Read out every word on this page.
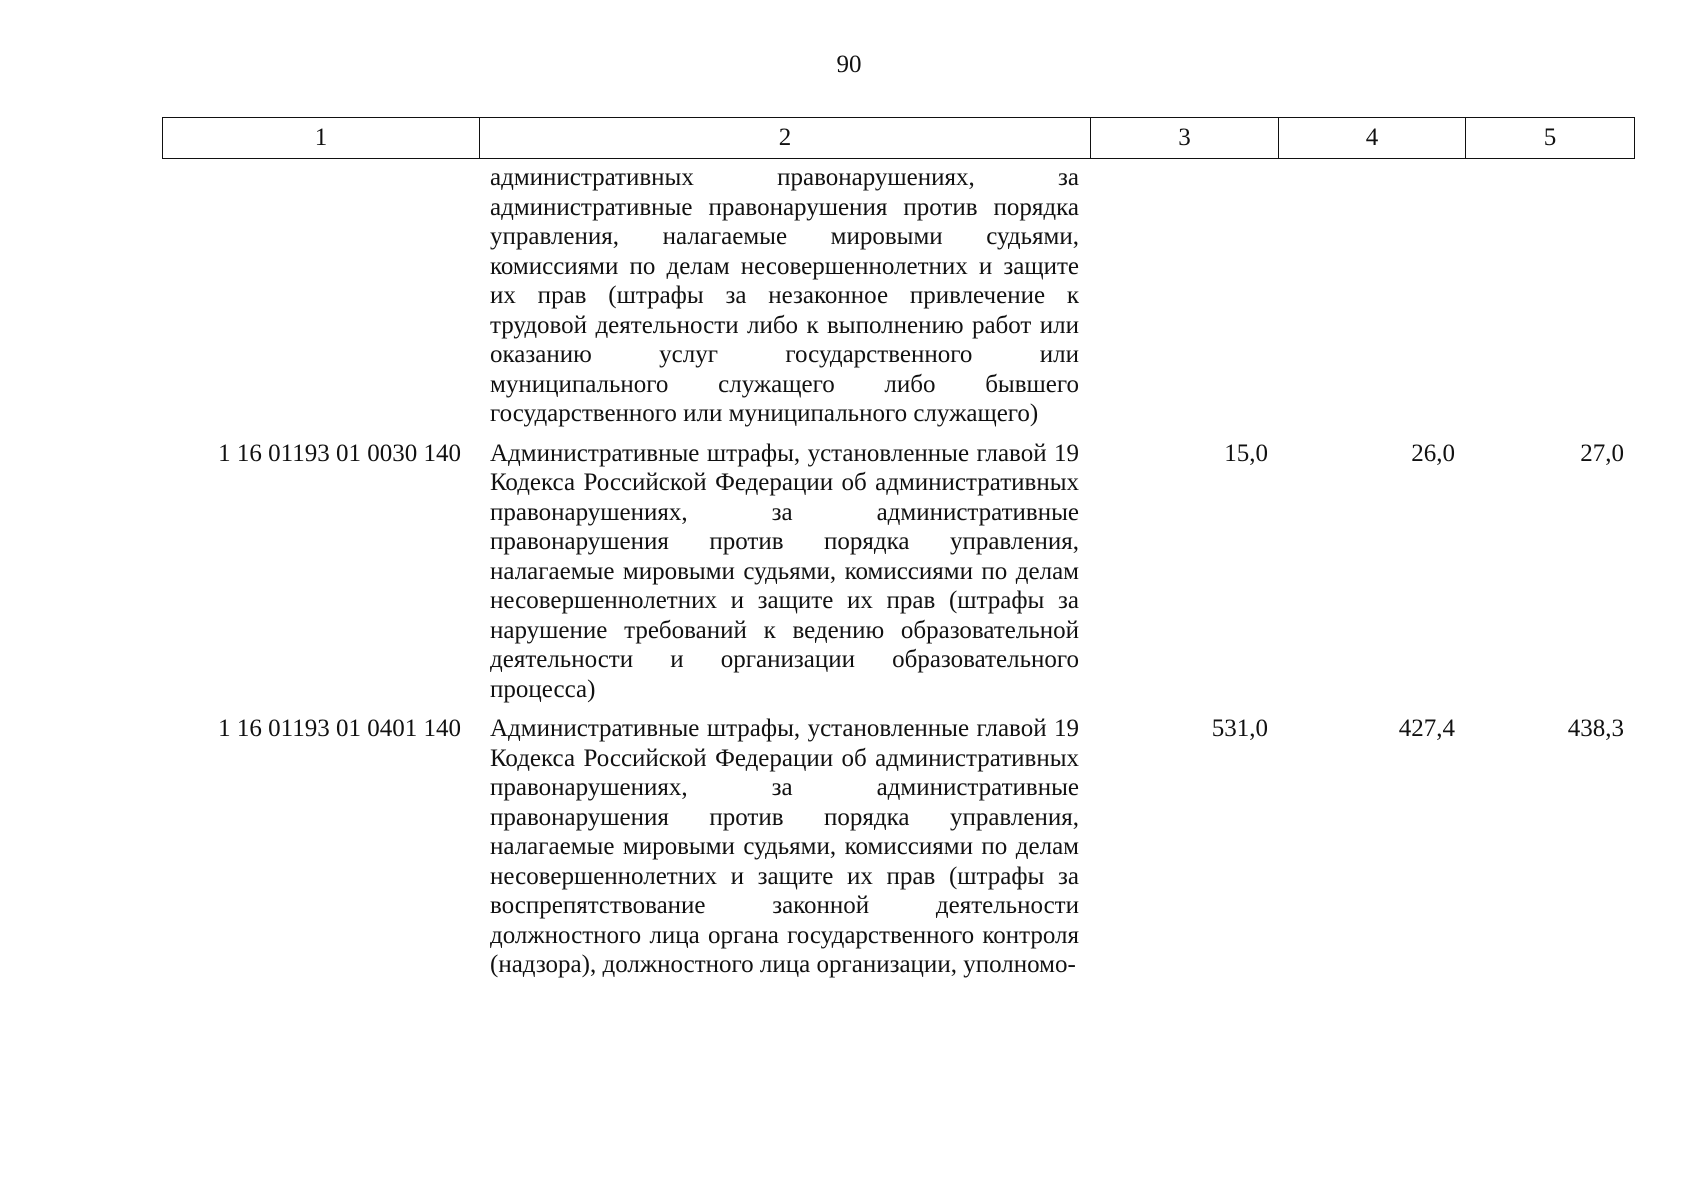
90
1	2	3	4	5
	административных правонарушениях, за административные правонарушения против порядка управления, налагаемые мировыми судьями, комиссиями по делам несовершеннолетних и защите их прав (штрафы за незаконное привлечение к трудовой деятельности либо к выполнению работ или оказанию услуг государственного или муниципального служащего либо бывшего государственного или муниципального служащего)			
1 16 01193 01 0030 140	Административные штрафы, установленные главой 19 Кодекса Российской Федерации об административных правонарушениях, за административные правонарушения против порядка управления, налагаемые мировыми судьями, комиссиями по делам несовершеннолетних и защите их прав (штрафы за нарушение требований к ведению образовательной деятельности и организации образовательного процесса)	15,0	26,0	27,0
1 16 01193 01 0401 140	Административные штрафы, установленные главой 19 Кодекса Российской Федерации об административных правонарушениях, за административные правонарушения против порядка управления, налагаемые мировыми судьями, комиссиями по делам несовершеннолетних и защите их прав (штрафы за воспрепятствование законной деятельности должностного лица органа государственного контроля (надзора), должностного лица организации, уполномо-	531,0	427,4	438,3
